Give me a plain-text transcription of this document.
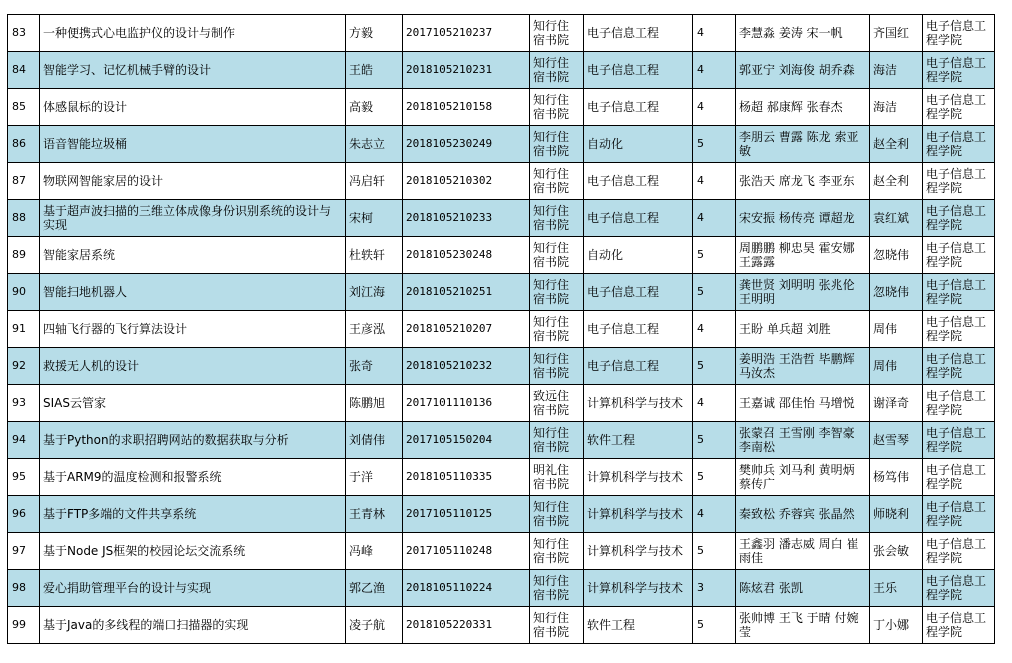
83	一种便携式心电监护仪的设计与制作	方毅	2017105210237	知行住宿书院	电子信息工程	4	李慧淼 姜涛 宋一帆	齐国红	电子信息工程学院
84	智能学习、记忆机械手臂的设计	王皓	2018105210231	知行住宿书院	电子信息工程	4	郭亚宁 刘海俊 胡乔森	海洁	电子信息工程学院
85	体感鼠标的设计	高毅	2018105210158	知行住宿书院	电子信息工程	4	杨超 郝康辉 张春杰	海洁	电子信息工程学院
86	语音智能垃圾桶	朱志立	2018105230249	知行住宿书院	自动化	5	李朋云 曹露 陈龙 索亚敏	赵全利	电子信息工程学院
87	物联网智能家居的设计	冯启轩	2018105210302	知行住宿书院	电子信息工程	4	张浩天 席龙飞 李亚东	赵全利	电子信息工程学院
88	基于超声波扫描的三维立体成像身份识别系统的设计与实现	宋柯	2018105210233	知行住宿书院	电子信息工程	4	宋安振 杨传亮 谭超龙	袁红斌	电子信息工程学院
89	智能家居系统	杜轶轩	2018105230248	知行住宿书院	自动化	5	周鹏鹏 柳忠昊 霍安娜 王露露	忽晓伟	电子信息工程学院
90	智能扫地机器人	刘江海	2018105210251	知行住宿书院	电子信息工程	5	龚世贤 刘明明 张兆伦 王明明	忽晓伟	电子信息工程学院
91	四轴飞行器的飞行算法设计	王彦泓	2018105210207	知行住宿书院	电子信息工程	4	王盼 单兵超 刘胜	周伟	电子信息工程学院
92	救援无人机的设计	张奇	2018105210232	知行住宿书院	电子信息工程	5	姜明浩 王浩哲 毕鹏辉 马汝杰	周伟	电子信息工程学院
93	SIAS云管家	陈鹏旭	2017101110136	致远住宿书院	计算机科学与技术	4	王嘉诚 邵佳怡 马增悦	谢泽奇	电子信息工程学院
94	基于Python的求职招聘网站的数据获取与分析	刘倩伟	2017105150204	知行住宿书院	软件工程	5	张蒙召 王雪刚 李智豪 李南松	赵雪琴	电子信息工程学院
95	基于ARM9的温度检测和报警系统	于洋	2018105110335	明礼住宿书院	计算机科学与技术	5	樊帅兵 刘马利 黄明炳 蔡传广	杨笃伟	电子信息工程学院
96	基于FTP多端的文件共享系统	王青林	2017105110125	知行住宿书院	计算机科学与技术	4	秦致松 乔蓉宾 张晶然	师晓利	电子信息工程学院
97	基于Node JS框架的校园论坛交流系统	冯峰	2017105110248	知行住宿书院	计算机科学与技术	5	王鑫羽 潘志威 周白 崔雨佳	张会敏	电子信息工程学院
98	爱心捐助管理平台的设计与实现	郭乙渔	2018105110224	知行住宿书院	计算机科学与技术	3	陈炫君 张凯	王乐	电子信息工程学院
99	基于Java的多线程的端口扫描器的实现	凌子航	2018105220331	知行住宿书院	软件工程	5	张帅博 王飞 于晴 付婉莹	丁小娜	电子信息工程学院
